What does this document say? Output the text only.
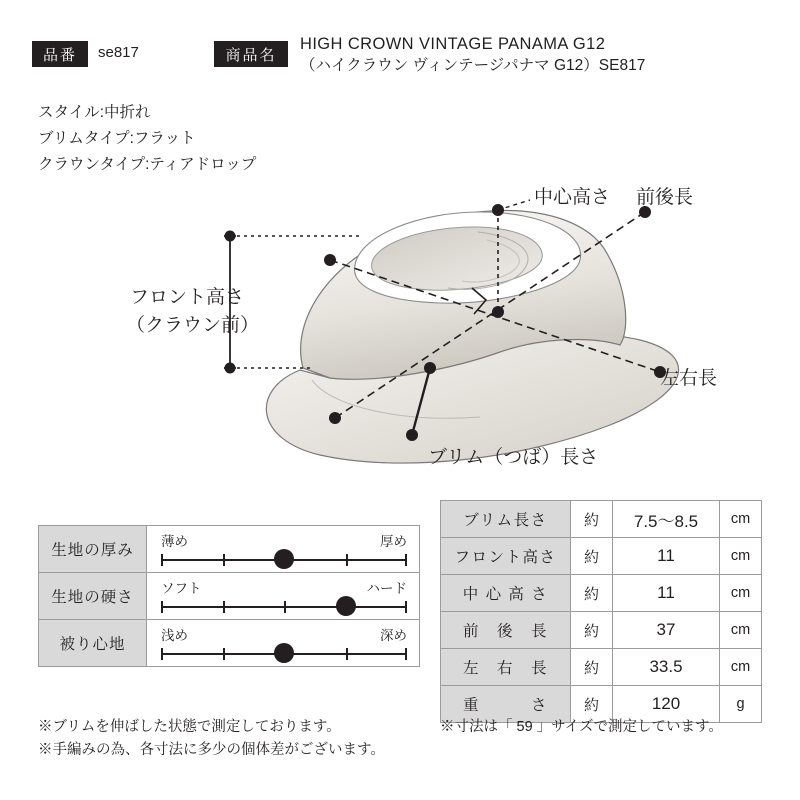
品番	se817	商品名
HIGH CROWN VINTAGE PANAMA G12
（ハイクラウン ヴィンテージパナマ G12）SE817
スタイル:中折れ
ブリムタイプ:フラット
クラウンタイプ:ティアドロップ
中心高さ 前後長
左右長
フロント高さ
（クラウン前）
ブリム（つば）長さ
生地の厚み
薄め	厚め
生地の硬さ
ソフト	ハード
被り心地
浅め	深め
ブリム長さ	約	7.5～8.5	cm
フロント高さ	約	11	cm
中 心 高 さ	約	11	cm
前　後　長	約	37	cm
左　右　長	約	33.5	cm
重　　　さ	約	120	g
※ブリムを伸ばした状態で測定しております。
※手編みの為、各寸法に多少の個体差がございます。
※寸法は「 59 」サイズで測定しています。
